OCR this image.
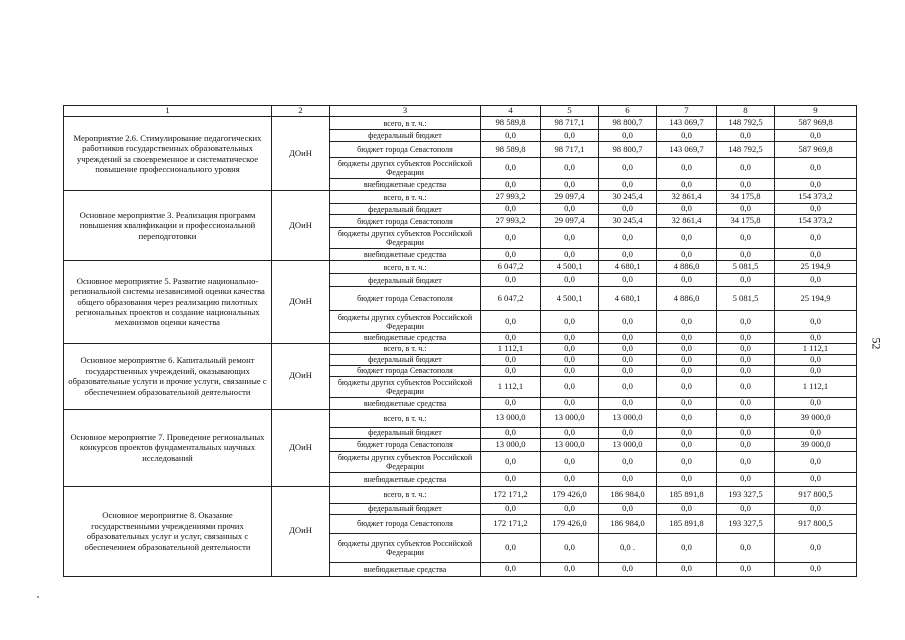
1	2	3	4	5	6	7	8	9
Мероприятие 2.6. Стимулирование педагогических работников государственных образовательных учреждений за своевременное и систематическое повышение профессионального уровня	ДОиН	всего, в т. ч.:	98 589,8	98 717,1	98 800,7	143 069,7	148 792,5	587 969,8
		федеральный бюджет	0,0	0,0	0,0	0,0	0,0	0,0
		бюджет города Севастополя	98 589,8	98 717,1	98 800,7	143 069,7	148 792,5	587 969,8
		бюджеты других субъектов Российской Федерации	0,0	0,0	0,0	0,0	0,0	0,0
		внебюджетные средства	0,0	0,0	0,0	0,0	0,0	0,0
Основное мероприятие 3. Реализация программ повышения квалификации и профессиональной переподготовки	ДОиН	всего, в т. ч.:	27 993,2	29 097,4	30 245,4	32 861,4	34 175,8	154 373,2
		федеральный бюджет	0,0	0,0	0,0	0,0	0,0	0,0
		бюджет города Севастополя	27 993,2	29 097,4	30 245,4	32 861,4	34 175,8	154 373,2
		бюджеты других субъектов Российской Федерации	0,0	0,0	0,0	0,0	0,0	0,0
		внебюджетные средства	0,0	0,0	0,0	0,0	0,0	0,0
Основное мероприятие 5. Развитие национально-региональной системы независимой оценки качества общего образования через реализацию пилотных региональных проектов и создание национальных механизмов оценки качества	ДОиН	всего, в т. ч.:	6 047,2	4 500,1	4 680,1	4 886,0	5 081,5	25 194,9
		федеральный бюджет	0,0	0,0	0,0	0,0	0,0	0,0
		бюджет города Севастополя	6 047,2	4 500,1	4 680,1	4 886,0	5 081,5	25 194,9
		бюджеты других субъектов Российской Федерации	0,0	0,0	0,0	0,0	0,0	0,0
		внебюджетные средства	0,0	0,0	0,0	0,0	0,0	0,0
Основное мероприятие 6. Капитальный ремонт государственных учреждений, оказывающих образовательные услуги и прочие услуги, связанные с обеспечением образовательной деятельности	ДОиН	всего, в т. ч.:	1 112,1	0,0	0,0	0,0	0,0	1 112,1
		федеральный бюджет	0,0	0,0	0,0	0,0	0,0	0,0
		бюджет города Севастополя	0,0	0,0	0,0	0,0	0,0	0,0
		бюджеты других субъектов Российской Федерации	1 112,1	0,0	0,0	0,0	0,0	1 112,1
		внебюджетные средства	0,0	0,0	0,0	0,0	0,0	0,0
Основное мероприятие 7. Проведение региональных конкурсов проектов фундаментальных научных исследований	ДОиН	всего, в т. ч.:	13 000,0	13 000,0	13 000,0	0,0	0,0	39 000,0
		федеральный бюджет	0,0	0,0	0,0	0,0	0,0	0,0
		бюджет города Севастополя	13 000,0	13 000,0	13 000,0	0,0	0,0	39 000,0
		бюджеты других субъектов Российской Федерации	0,0	0,0	0,0	0,0	0,0	0,0
		внебюджетные средства	0,0	0,0	0,0	0,0	0,0	0,0
Основное мероприятие 8. Оказание государственными учреждениями прочих образовательных услуг и услуг, связанных с обеспечением образовательной деятельности	ДОиН	всего, в т. ч.:	172 171,2	179 426,0	186 984,0	185 891,8	193 327,5	917 800,5
		федеральный бюджет	0,0	0,0	0,0	0,0	0,0	0,0
		бюджет города Севастополя	172 171,2	179 426,0	186 984,0	185 891,8	193 327,5	917 800,5
		бюджеты других субъектов Российской Федерации	0,0	0,0	0,0 .	0,0	0,0	0,0
		внебюджетные средства	0,0	0,0	0,0	0,0	0,0	0,0
52
